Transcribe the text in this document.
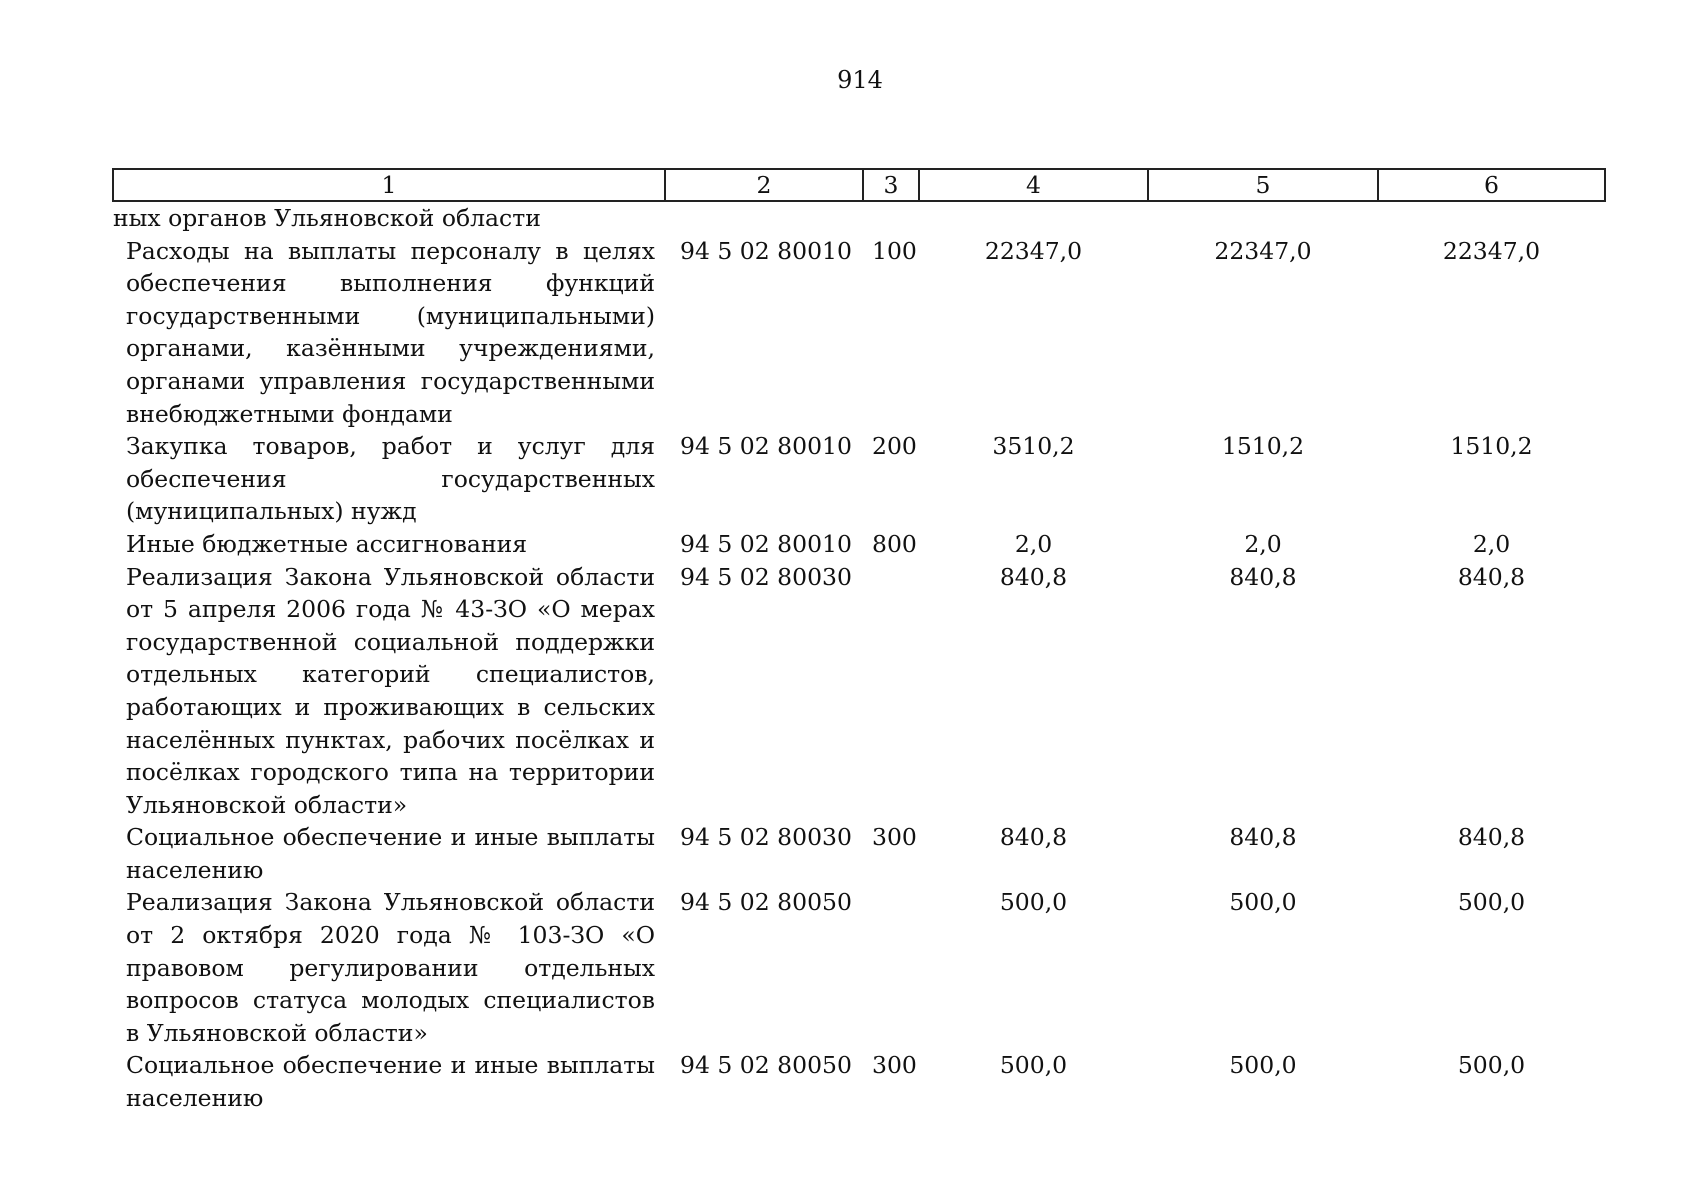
914
1	2	3	4	5	6
ных органов Ульяновской области					
Расходы на выплаты персоналу в целях обеспечения выполнения функций государственными (муниципальными) органами, казёнными учреждениями, органами управления государственными внебюджетными фондами	94 5 02 80010	100	22347,0	22347,0	22347,0
Закупка товаров, работ и услуг для обеспечения государственных (муниципальных) нужд	94 5 02 80010	200	3510,2	1510,2	1510,2
Иные бюджетные ассигнования	94 5 02 80010	800	2,0	2,0	2,0
Реализация Закона Ульяновской области от 5 апреля 2006 года № 43-ЗО «О мерах государственной социальной поддержки отдельных категорий специалистов, работающих и проживающих в сельских населённых пунктах, рабочих посёлках и посёлках городского типа на территории Ульяновской области»	94 5 02 80030		840,8	840,8	840,8
Социальное обеспечение и иные выплаты населению	94 5 02 80030	300	840,8	840,8	840,8
Реализация Закона Ульяновской области от 2 октября 2020 года № 103-ЗО «О правовом регулировании отдельных вопросов статуса молодых специалистов в Ульяновской области»	94 5 02 80050		500,0	500,0	500,0
Социальное обеспечение и иные выплаты населению	94 5 02 80050	300	500,0	500,0	500,0
